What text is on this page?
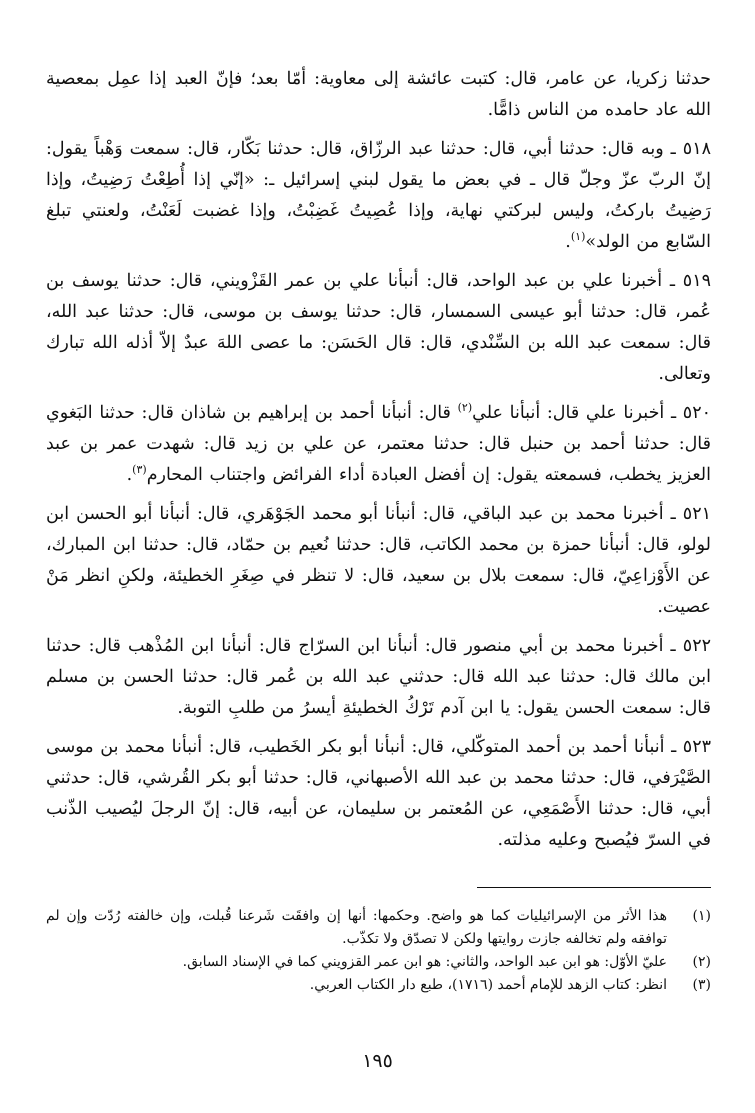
حدثنا زكريا، عن عامر، قال: كتبت عائشة إلى معاوية: أمّا بعد؛ فإنّ العبد إذا عمِل بمعصية الله عاد حامده من الناس ذامًّا.

٥١٨ ـ وبه قال: حدثنا أبي، قال: حدثنا عبد الرزّاق، قال: حدثنا بَكّار، قال: سمعت وَهْباً يقول: إنّ الربّ عزّ وجلّ قال ـ في بعض ما يقول لبني إسرائيل ـ: «إنّي إذا أُطِعْتُ رَضِيتُ، وإذا رَضِيتُ باركتُ، وليس لبركتي نهاية، وإذا عُصِيتُ غَضِبْتُ، وإذا غضبت لَعَنْتُ، ولعنتي تبلغ السّابع من الولد»$^{(١)}$.

٥١٩ ـ أخبرنا علي بن عبد الواحد، قال: أنبأنا علي بن عمر القَزْويني، قال: حدثنا يوسف بن عُمر، قال: حدثنا أبو عيسى السمسار، قال: حدثنا يوسف بن موسى، قال: حدثنا عبد الله، قال: سمعت عبد الله بن السِّنْدي، قال: قال الحَسَن: ما عصى اللهَ عبدٌ إلاّ أذله الله تبارك وتعالى.

٥٢٠ ـ أخبرنا علي قال: أنبأنا علي$^{(٢)}$ قال: أنبأنا أحمد بن إبراهيم بن شاذان قال: حدثنا البَغوي قال: حدثنا أحمد بن حنبل قال: حدثنا معتمر، عن علي بن زيد قال: شهدت عمر بن عبد العزيز يخطب، فسمعته يقول: إن أفضل العبادة أداء الفرائض واجتناب المحارم$^{(٣)}$.

٥٢١ ـ أخبرنا محمد بن عبد الباقي، قال: أنبأنا أبو محمد الجَوْهَري، قال: أنبأنا أبو الحسن ابن لولو، قال: أنبأنا حمزة بن محمد الكاتب، قال: حدثنا نُعيم بن حمّاد، قال: حدثنا ابن المبارك، عن الأَوْزاعِيّ، قال: سمعت بلال بن سعيد، قال: لا تنظر في صِغَرِ الخطيئة، ولكنِ انظر مَنْ عصيت.

٥٢٢ ـ أخبرنا محمد بن أبي منصور قال: أنبأنا ابن السرّاج قال: أنبأنا ابن المُذْهب قال: حدثنا ابن مالك قال: حدثنا عبد الله قال: حدثني عبد الله بن عُمر قال: حدثنا الحسن بن مسلم قال: سمعت الحسن يقول: يا ابن آدم تَرْكُ الخطيئةِ أيسرُ من طلبِ التوبة.

٥٢٣ ـ أنبأنا أحمد بن أحمد المتوكّلي، قال: أنبأنا أبو بكر الخَطيب، قال: أنبأنا محمد بن موسى الصَّيْرَفي، قال: حدثنا محمد بن عبد الله الأصبهاني، قال: حدثنا أبو بكر القُرشي، قال: حدثني أبي، قال: حدثنا الأَصْمَعِي، عن المُعتمر بن سليمان، عن أبيه، قال: إنّ الرجلَ ليُصيب الذّنب في السرّ فيُصبح وعليه مذلته.

(١)
هذا الأثر من الإسرائيليات كما هو واضح. وحكمها: أنها إن وافقَت شَرعنا قُبلت، وإن خالفته رُدّت وإن لم توافقه ولم تخالفه جازت روايتها ولكن لا تصدّق ولا تكذّب.
(٢)
عليّ الأوّل: هو ابن عبد الواحد، والثاني: هو ابن عمر القزويني كما في الإسناد السابق.
(٣)
انظر: كتاب الزهد للإمام أحمد (١٧١٦)، طبع دار الكتاب العربي.
١٩٥
